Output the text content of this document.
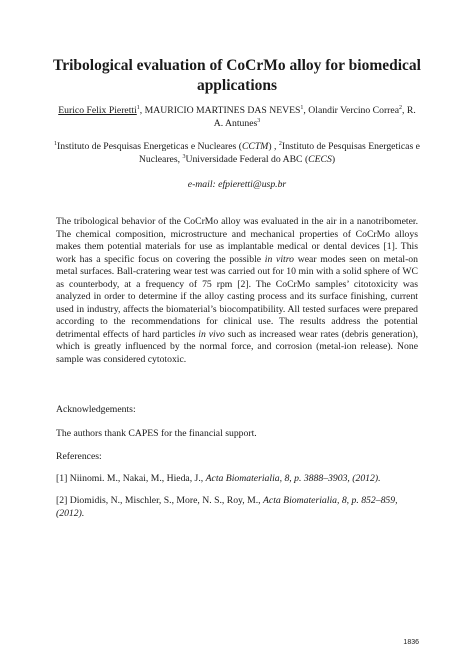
Tribological evaluation of CoCrMo alloy for biomedical applications
Eurico Felix Pieretti$^1$, MAURICIO MARTINES DAS NEVES$^1$, Olandir Vercino Correa$^2$, R. A. Antunes$^3$
$^1$Instituto de Pesquisas Energeticas e Nucleares (CCTM) , $^2$Instituto de Pesquisas Energeticas e Nucleares, $^3$Universidade Federal do ABC (CECS)
e-mail: efpieretti@usp.br

The tribological behavior of the CoCrMo alloy was evaluated in the air in a nanotribometer. The chemical composition, microstructure and mechanical properties of CoCrMo alloys makes them potential materials for use as implantable medical or dental devices [1]. This work has a specific focus on covering the possible in vitro wear modes seen on metal-on metal surfaces. Ball-cratering wear test was carried out for 10 min with a solid sphere of WC as counterbody, at a frequency of 75 rpm [2]. The CoCrMo samples’ citotoxicity was analyzed in order to determine if the alloy casting process and its surface finishing, current used in industry, affects the biomaterial’s biocompatibility. All tested surfaces were prepared according to the recommendations for clinical use. The results address the potential detrimental effects of hard particles in vivo such as increased wear rates (debris generation), which is greatly influenced by the normal force, and corrosion (metal-ion release). None sample was considered cytotoxic.

Acknowledgements:
The authors thank CAPES for the financial support.
References:
[1] Niinomi. M., Nakai, M., Hieda, J., Acta Biomaterialia, 8, p. 3888–3903, (2012).
[2] Diomidis, N., Mischler, S., More, N. S., Roy, M., Acta Biomaterialia, 8, p. 852–859, (2012).
1836
